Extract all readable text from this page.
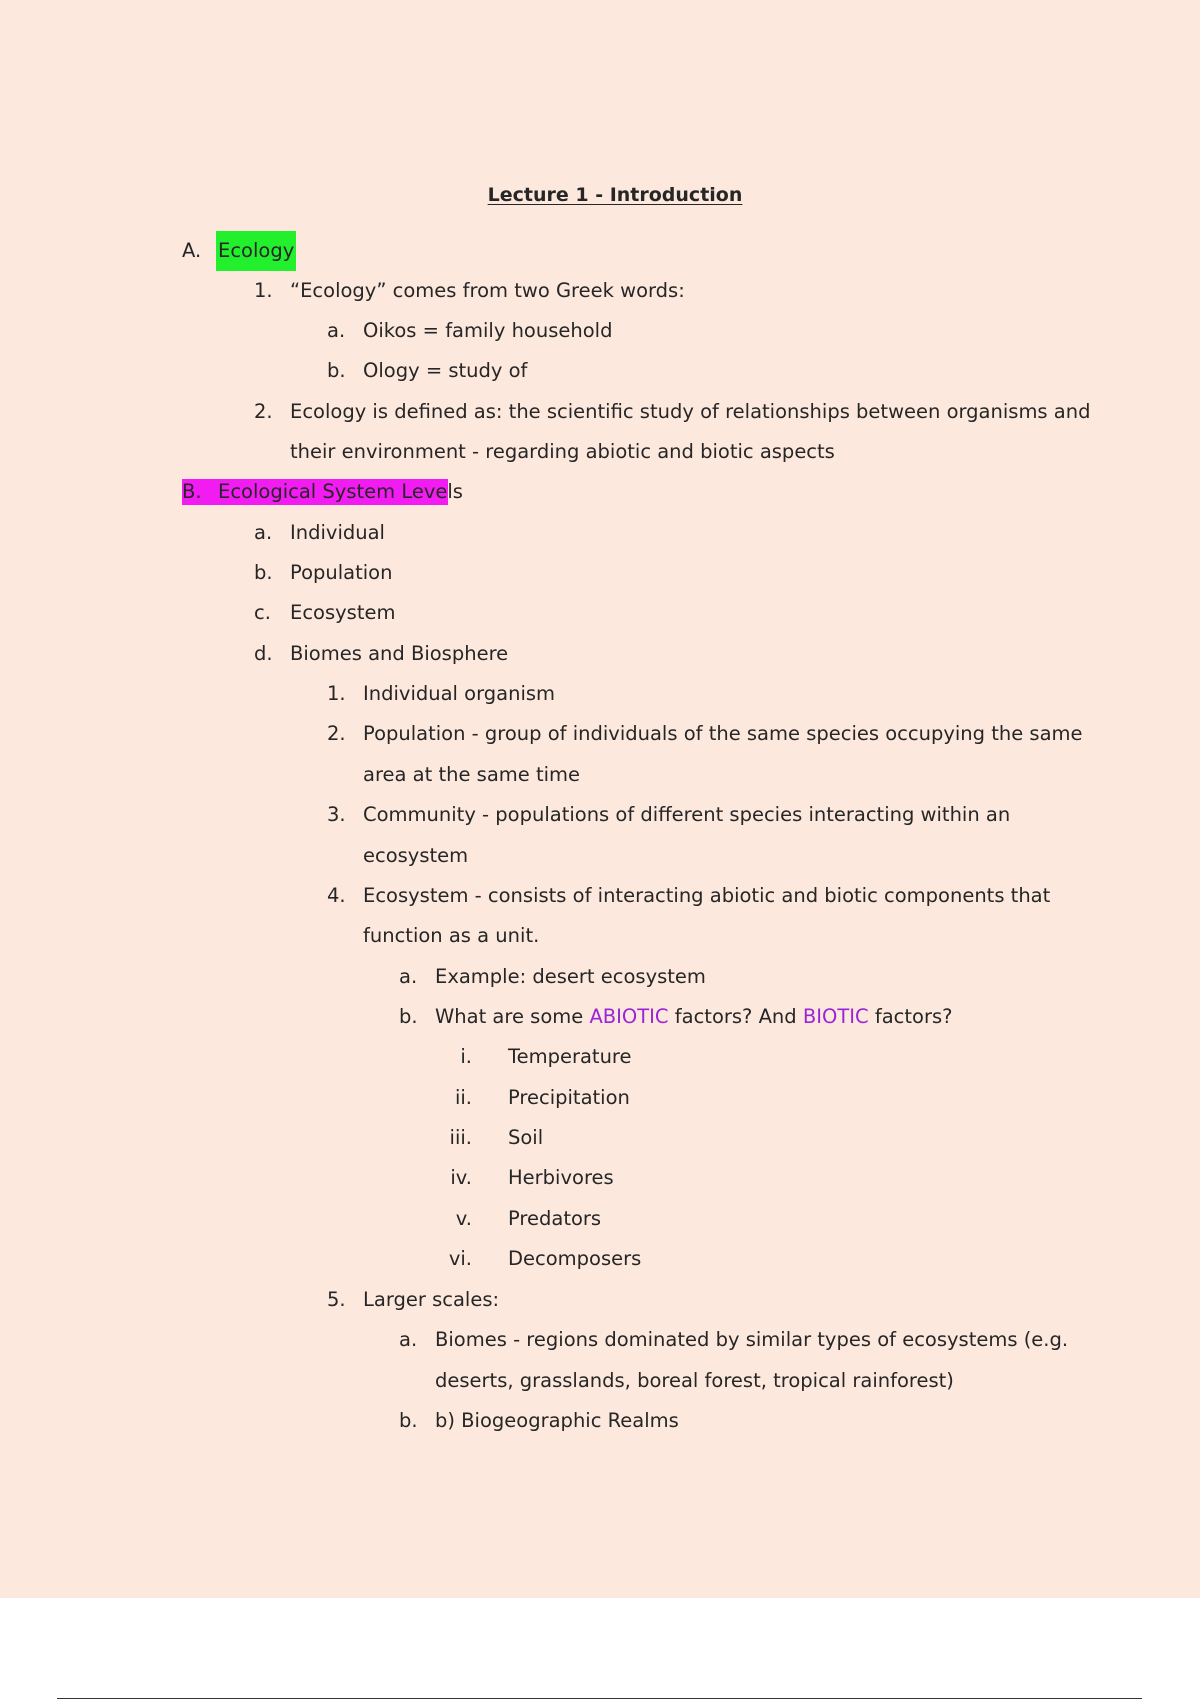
Lecture 1 - Introduction
A. Ecology
1. “Ecology” comes from two Greek words:
a. Oikos = family household
b. Ology = study of
2. Ecology is defined as: the scientific study of relationships between organisms and
their environment - regarding abiotic and biotic aspects
B. Ecological System Levels
a. Individual
b. Population
c. Ecosystem
d. Biomes and Biosphere
1. Individual organism
2. Population - group of individuals of the same species occupying the same
area at the same time
3. Community - populations of different species interacting within an
ecosystem
4. Ecosystem - consists of interacting abiotic and biotic components that
function as a unit.
a. Example: desert ecosystem
b. What are some ABIOTIC factors? And BIOTIC factors?
i. Temperature
ii. Precipitation
iii. Soil
iv. Herbivores
v. Predators
vi. Decomposers
5. Larger scales:
a. Biomes - regions dominated by similar types of ecosystems (e.g.
deserts, grasslands, boreal forest, tropical rainforest)
b. b) Biogeographic Realms
